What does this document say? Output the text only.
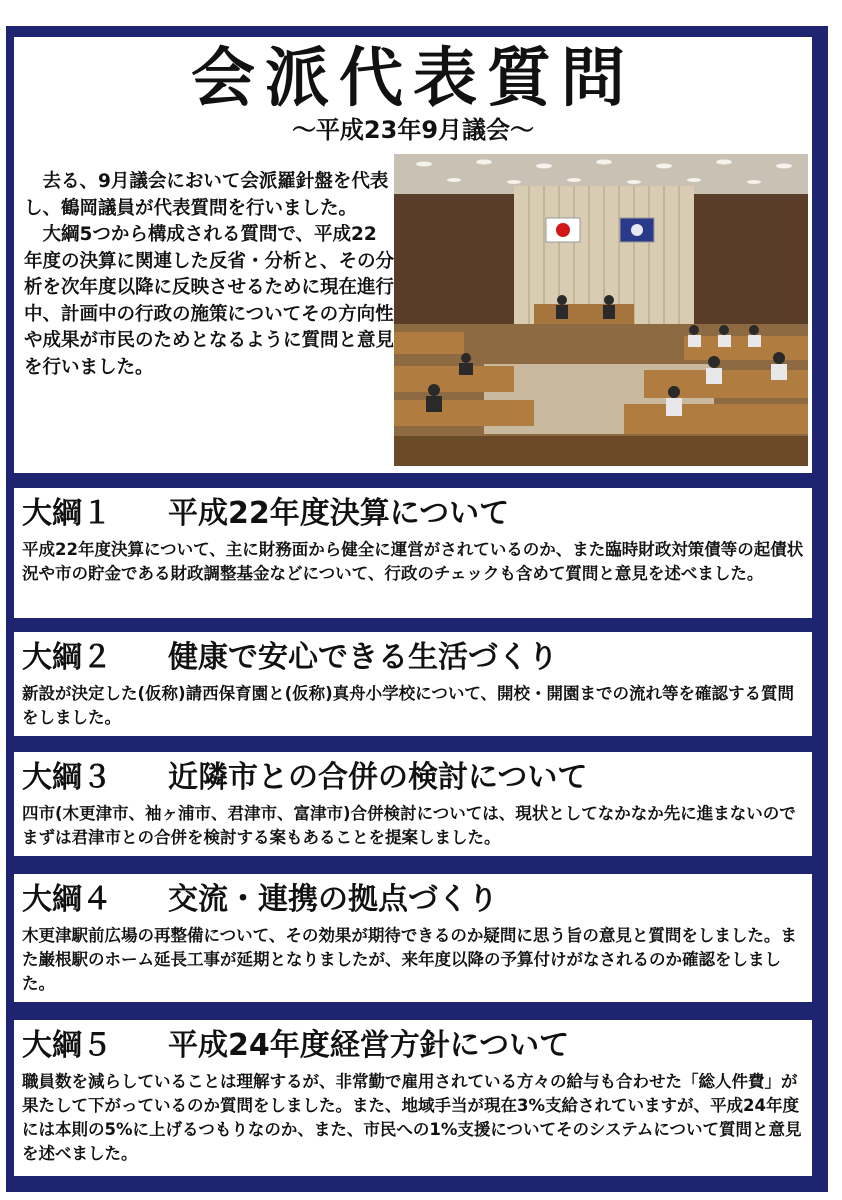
会派代表質問
〜平成23年9月議会〜

去る、9月議会において会派羅針盤を代表し、鶴岡議員が代表質問を行いました。

大綱5つから構成される質問で、平成22年度の決算に関連した反省・分析と、その分析を次年度以降に反映させるために現在進行中、計画中の行政の施策についてその方向性や成果が市民のためとなるように質問と意見を行いました。

大綱１ 平成22年度決算について
平成22年度決算について、主に財務面から健全に運営がされているのか、また臨時財政対策債等の起債状況や市の貯金である財政調整基金などについて、行政のチェックも含めて質問と意見を述べました。
大綱２ 健康で安心できる生活づくり
新設が決定した(仮称)請西保育園と(仮称)真舟小学校について、開校・開園までの流れ等を確認する質問をしました。
大綱３ 近隣市との合併の検討について
四市(木更津市、袖ヶ浦市、君津市、富津市)合併検討については、現状としてなかなか先に進まないのでまずは君津市との合併を検討する案もあることを提案しました。
大綱４ 交流・連携の拠点づくり
木更津駅前広場の再整備について、その効果が期待できるのか疑問に思う旨の意見と質問をしました。また巌根駅のホーム延長工事が延期となりましたが、来年度以降の予算付けがなされるのか確認をしました。
大綱５ 平成24年度経営方針について
職員数を減らしていることは理解するが、非常勤で雇用されている方々の給与も合わせた「総人件費」が果たして下がっているのか質問をしました。また、地域手当が現在3%支給されていますが、平成24年度には本則の5%に上げるつもりなのか、また、市民への1%支援についてそのシステムについて質問と意見を述べました。
